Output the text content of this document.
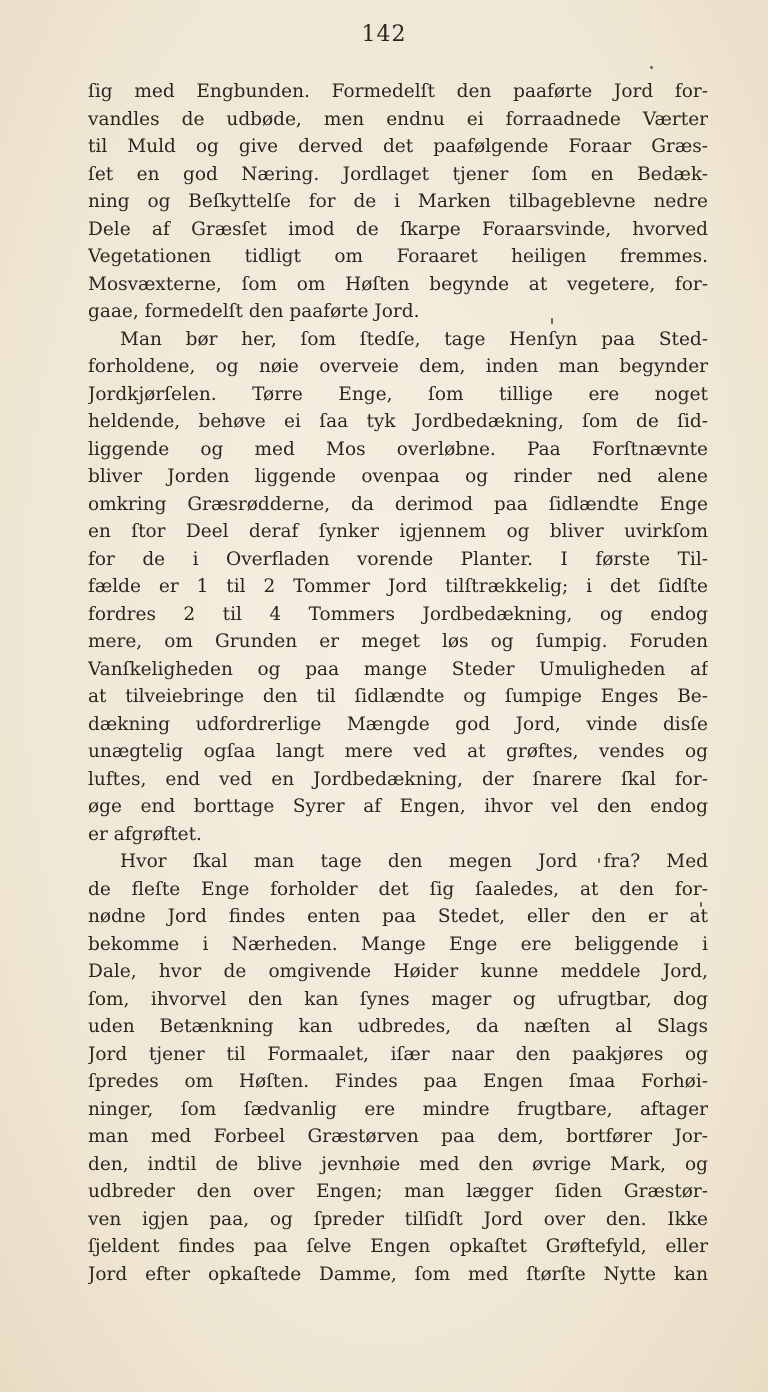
142
ſig med Engbunden. Formedelſt den paaførte Jord for-
vandles de udbøde, men endnu ei forraadnede Værter
til Muld og give derved det paafølgende Foraar Græs-
ſet en god Næring. Jordlaget tjener ſom en Bedæk-
ning og Beſkyttelſe for de i Marken tilbageblevne nedre
Dele af Græsſet imod de ſkarpe Foraarsvinde, hvorved
Vegetationen tidligt om Foraaret heiligen fremmes.
Mosvæxterne, ſom om Høſten begynde at vegetere, for-
gaae, formedelſt den paaførte Jord.
Man bør her, ſom ſtedſe, tage Henſyn paa Sted-
forholdene, og nøie overveie dem, inden man begynder
Jordkjørſelen. Tørre Enge, ſom tillige ere noget
heldende, behøve ei ſaa tyk Jordbedækning, ſom de ſid-
liggende og med Mos overløbne. Paa Forſtnævnte
bliver Jorden liggende ovenpaa og rinder ned alene
omkring Græsrødderne, da derimod paa ſidlændte Enge
en ſtor Deel deraf ſynker igjennem og bliver uvirkſom
for de i Overfladen vorende Planter. I første Til-
fælde er 1 til 2 Tommer Jord tilſtrækkelig; i det ſidſte
fordres 2 til 4 Tommers Jordbedækning, og endog
mere, om Grunden er meget løs og ſumpig. Foruden
Vanſkeligheden og paa mange Steder Umuligheden af
at tilveiebringe den til ſidlændte og ſumpige Enges Be-
dækning udfordrerlige Mængde god Jord, vinde disſe
unægtelig ogſaa langt mere ved at grøftes, vendes og
luftes, end ved en Jordbedækning, der ſnarere ſkal for-
øge end borttage Syrer af Engen, ihvor vel den endog
er afgrøftet.
Hvor ſkal man tage den megen Jord fra? Med
de fleſte Enge forholder det ſig ſaaledes, at den for-
nødne Jord findes enten paa Stedet, eller den er at
bekomme i Nærheden. Mange Enge ere beliggende i
Dale, hvor de omgivende Høider kunne meddele Jord,
ſom, ihvorvel den kan ſynes mager og ufrugtbar, dog
uden Betænkning kan udbredes, da næſten al Slags
Jord tjener til Formaalet, iſær naar den paakjøres og
ſpredes om Høſten. Findes paa Engen ſmaa Forhøi-
ninger, ſom ſædvanlig ere mindre frugtbare, aftager
man med Forbeel Græstørven paa dem, bortfører Jor-
den, indtil de blive jevnhøie med den øvrige Mark, og
udbreder den over Engen; man lægger ſiden Græstør-
ven igjen paa, og ſpreder tilſidſt Jord over den. Ikke
ſjeldent findes paa ſelve Engen opkaſtet Grøftefyld, eller
Jord efter opkaſtede Damme, ſom med ſtørſte Nytte kan
